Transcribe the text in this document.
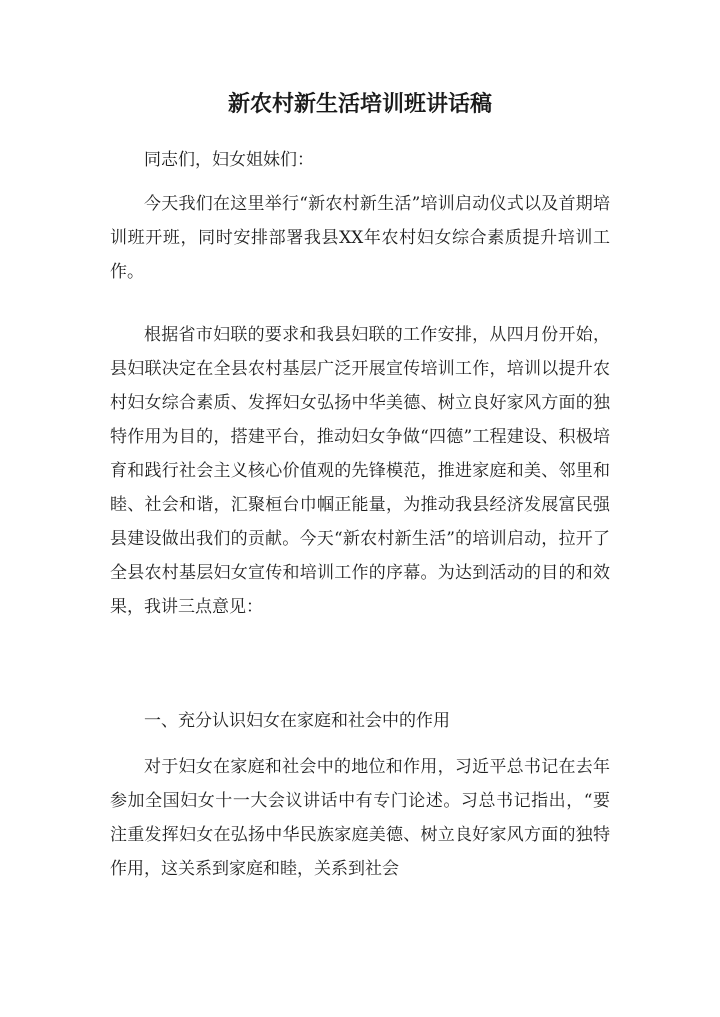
新农村新生活培训班讲话稿

同志们，妇女姐妹们：

今天我们在这里举行“新农村新生活”培训启动仪式以及首期培训班开班，同时安排部署我县XX年农村妇女综合素质提升培训工作。

根据省市妇联的要求和我县妇联的工作安排，从四月份开始，县妇联决定在全县农村基层广泛开展宣传培训工作，培训以提升农村妇女综合素质、发挥妇女弘扬中华美德、树立良好家风方面的独特作用为目的，搭建平台，推动妇女争做“四德”工程建设、积极培育和践行社会主义核心价值观的先锋模范，推进家庭和美、邻里和睦、社会和谐，汇聚桓台巾帼正能量，为推动我县经济发展富民强县建设做出我们的贡献。今天“新农村新生活”的培训启动，拉开了全县农村基层妇女宣传和培训工作的序幕。为达到活动的目的和效果，我讲三点意见：

一、充分认识妇女在家庭和社会中的作用

对于妇女在家庭和社会中的地位和作用，习近平总书记在去年参加全国妇女十一大会议讲话中有专门论述。习总书记指出，“要注重发挥妇女在弘扬中华民族家庭美德、树立良好家风方面的独特作用，这关系到家庭和睦，关系到社会
